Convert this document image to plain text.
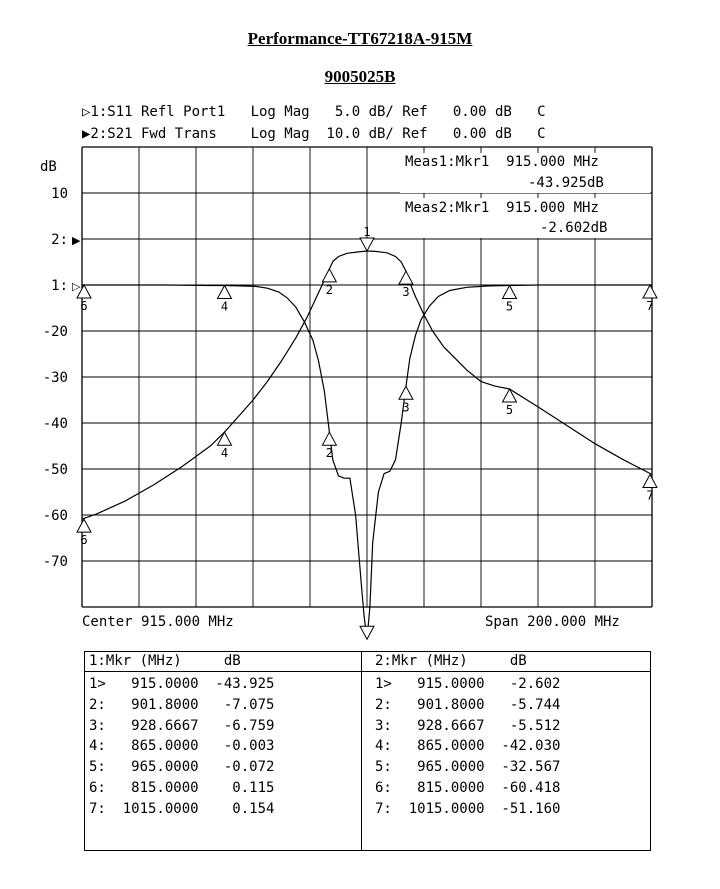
Performance-TT67218A-915M
9005025B
▷1:S11 Refl Port1   Log Mag   5.0 dB/ Ref   0.00 dB   C
▶2:S21 Fwd Trans    Log Mag  10.0 dB/ Ref   0.00 dB   C
10
2: ▶
1: ▷
-20
-30
-40
-50
-60
-70
dB
1
2
2
3
3
4
4
5
5
6
6
7
7
Meas1:Mkr1  915.000 MHz
-43.925dB
Meas2:Mkr1  915.000 MHz
-2.602dB
Center 915.000 MHz	Span 200.000 MHz
1:Mkr (MHz)     dB	2:Mkr (MHz)     dB
1>   915.0000  -43.925
2:   901.8000   -7.075
3:   928.6667   -6.759
4:   865.0000   -0.003
5:   965.0000   -0.072
6:   815.0000    0.115
7:  1015.0000    0.154
1>   915.0000   -2.602
2:   901.8000   -5.744
3:   928.6667   -5.512
4:   865.0000  -42.030
5:   965.0000  -32.567
6:   815.0000  -60.418
7:  1015.0000  -51.160
